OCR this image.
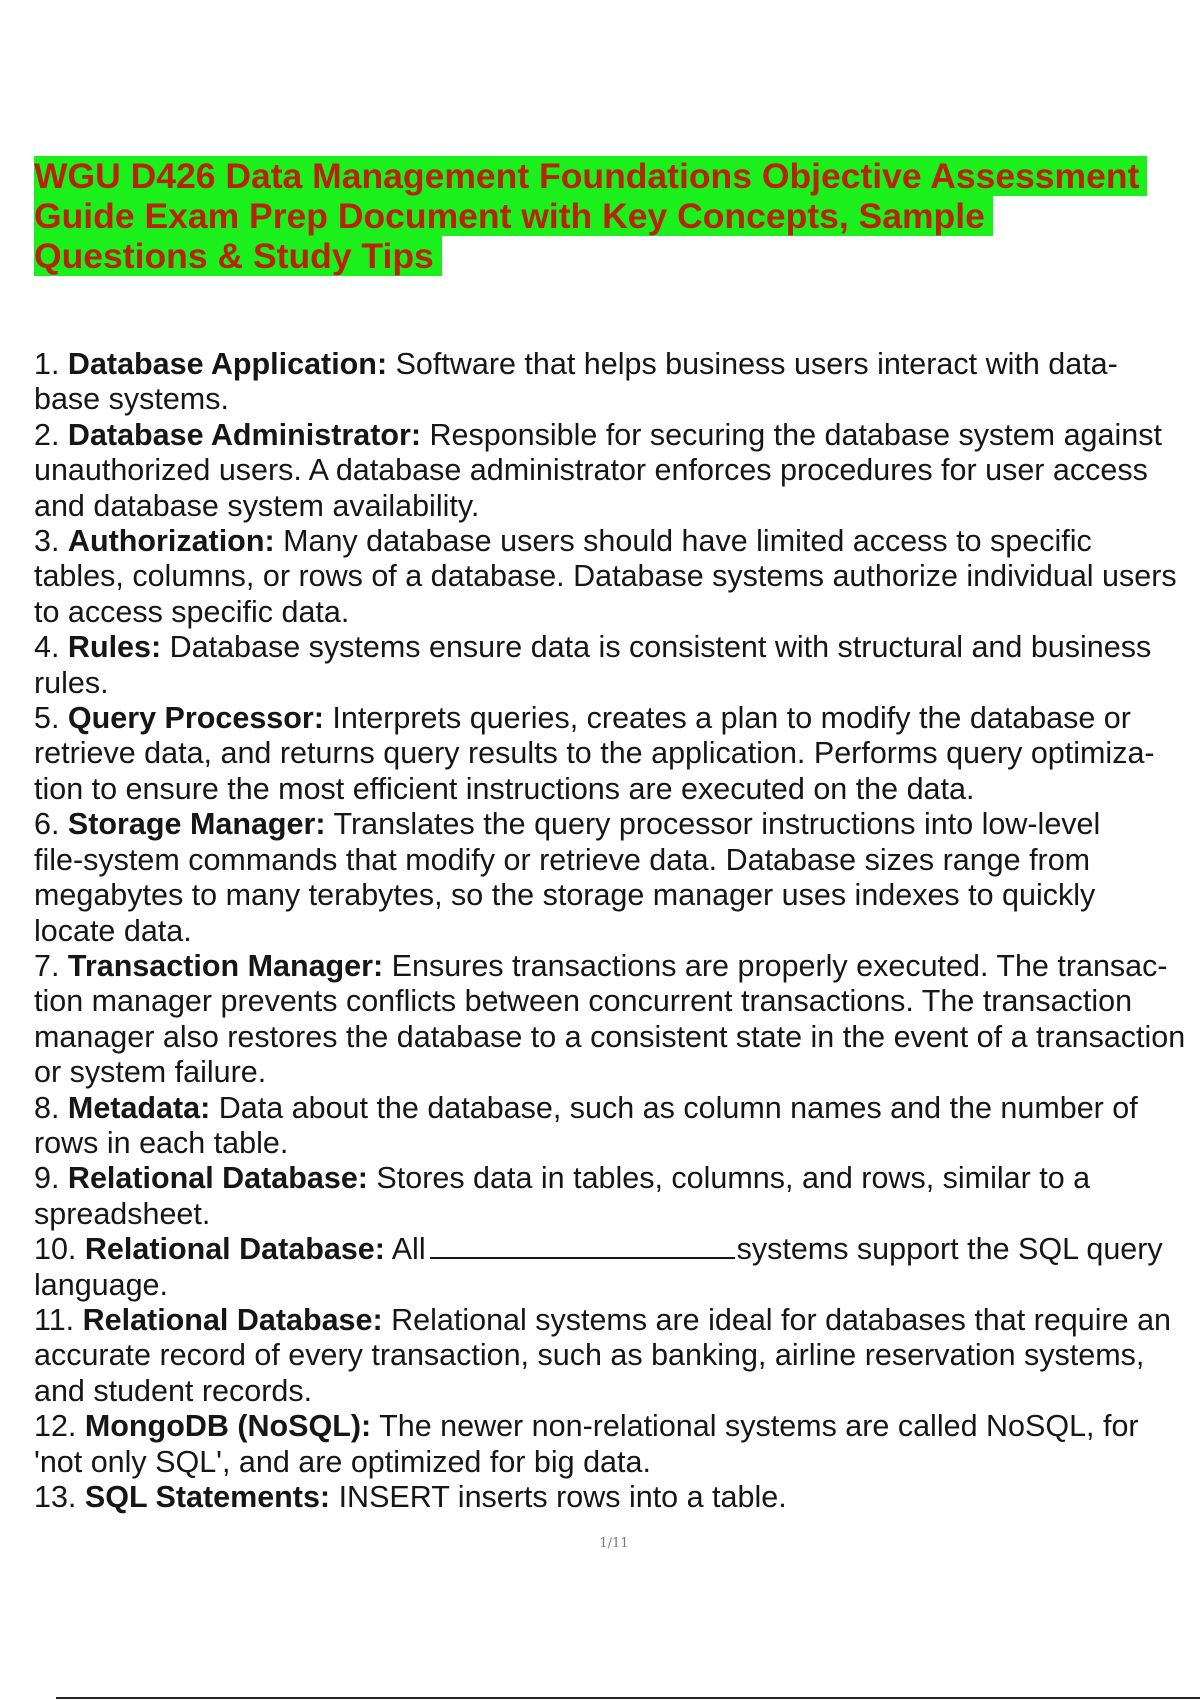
WGU D426 Data Management Foundations Objective Assessment
Guide Exam Prep Document with Key Concepts, Sample
Questions & Study Tips
1. Database Application: Software that helps business users interact with data-
base systems.
2. Database Administrator: Responsible for securing the database system against
unauthorized users. A database administrator enforces procedures for user access
and database system availability.
3. Authorization: Many database users should have limited access to specific
tables, columns, or rows of a database. Database systems authorize individual users
to access specific data.
4. Rules: Database systems ensure data is consistent with structural and business
rules.
5. Query Processor: Interprets queries, creates a plan to modify the database or
retrieve data, and returns query results to the application. Performs query optimiza-
tion to ensure the most efficient instructions are executed on the data.
6. Storage Manager: Translates the query processor instructions into low-level
file-system commands that modify or retrieve data. Database sizes range from
megabytes to many terabytes, so the storage manager uses indexes to quickly
locate data.
7. Transaction Manager: Ensures transactions are properly executed. The transac-
tion manager prevents conflicts between concurrent transactions. The transaction
manager also restores the database to a consistent state in the event of a transaction
or system failure.
8. Metadata: Data about the database, such as column names and the number of
rows in each table.
9. Relational Database: Stores data in tables, columns, and rows, similar to a
spreadsheet.
10. Relational Database: All	systems support the SQL query
language.
11. Relational Database: Relational systems are ideal for databases that require an
accurate record of every transaction, such as banking, airline reservation systems,
and student records.
12. MongoDB (NoSQL): The newer non-relational systems are called NoSQL, for
'not only SQL', and are optimized for big data.
13. SQL Statements: INSERT inserts rows into a table.
1/11
